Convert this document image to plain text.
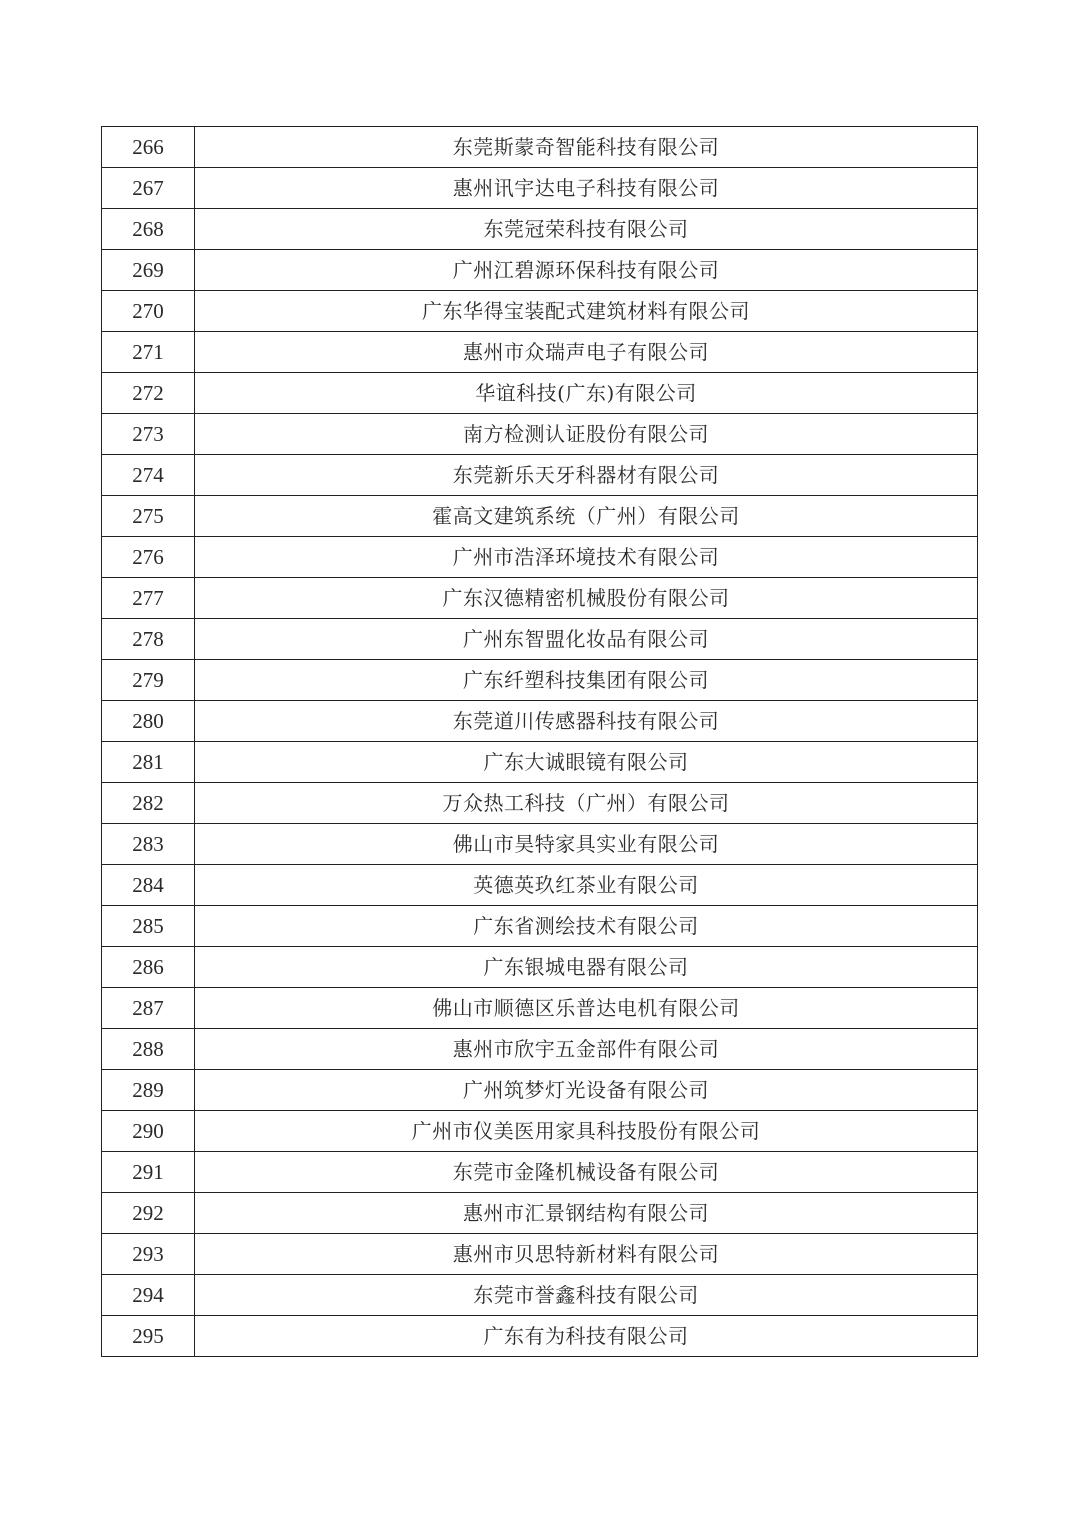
266	东莞斯蒙奇智能科技有限公司
267	惠州讯宇达电子科技有限公司
268	东莞冠荣科技有限公司
269	广州江碧源环保科技有限公司
270	广东华得宝装配式建筑材料有限公司
271	惠州市众瑞声电子有限公司
272	华谊科技(广东)有限公司
273	南方检测认证股份有限公司
274	东莞新乐天牙科器材有限公司
275	霍高文建筑系统（广州）有限公司
276	广州市浩泽环境技术有限公司
277	广东汉德精密机械股份有限公司
278	广州东智盟化妆品有限公司
279	广东纤塑科技集团有限公司
280	东莞道川传感器科技有限公司
281	广东大诚眼镜有限公司
282	万众热工科技（广州）有限公司
283	佛山市昊特家具实业有限公司
284	英德英玖红茶业有限公司
285	广东省测绘技术有限公司
286	广东银城电器有限公司
287	佛山市顺德区乐普达电机有限公司
288	惠州市欣宇五金部件有限公司
289	广州筑梦灯光设备有限公司
290	广州市仪美医用家具科技股份有限公司
291	东莞市金隆机械设备有限公司
292	惠州市汇景钢结构有限公司
293	惠州市贝思特新材料有限公司
294	东莞市誉鑫科技有限公司
295	广东有为科技有限公司
